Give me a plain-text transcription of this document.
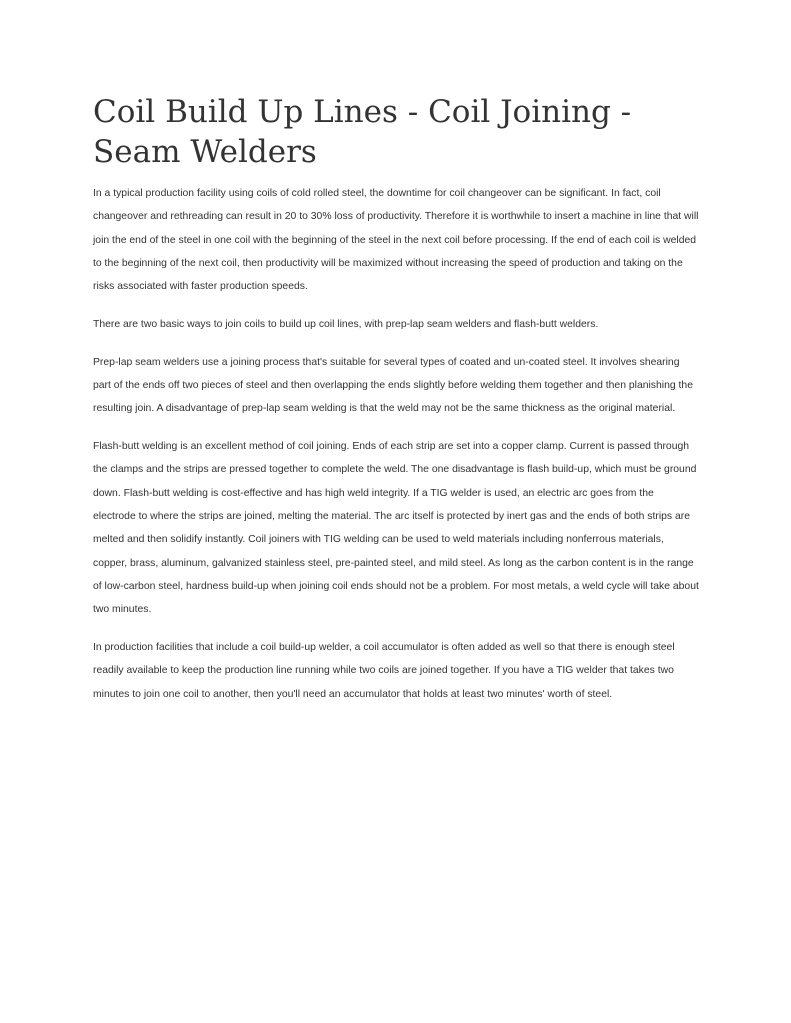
Coil Build Up Lines - Coil Joining - Seam Welders

In a typical production facility using coils of cold rolled steel, the downtime for coil changeover can be significant. In fact, coil changeover and rethreading can result in 20 to 30% loss of productivity. Therefore it is worthwhile to insert a machine in line that will join the end of the steel in one coil with the beginning of the steel in the next coil before processing. If the end of each coil is welded to the beginning of the next coil, then productivity will be maximized without increasing the speed of production and taking on the risks associated with faster production speeds.

There are two basic ways to join coils to build up coil lines, with prep-lap seam welders and flash-butt welders.

Prep-lap seam welders use a joining process that's suitable for several types of coated and un-coated steel. It involves shearing part of the ends off two pieces of steel and then overlapping the ends slightly before welding them together and then planishing the resulting join. A disadvantage of prep-lap seam welding is that the weld may not be the same thickness as the original material.

Flash-butt welding is an excellent method of coil joining. Ends of each strip are set into a copper clamp. Current is passed through the clamps and the strips are pressed together to complete the weld. The one disadvantage is flash build-up, which must be ground down. Flash-butt welding is cost-effective and has high weld integrity. If a TIG welder is used, an electric arc goes from the electrode to where the strips are joined, melting the material. The arc itself is protected by inert gas and the ends of both strips are melted and then solidify instantly. Coil joiners with TIG welding can be used to weld materials including nonferrous materials, copper, brass, aluminum, galvanized stainless steel, pre-painted steel, and mild steel. As long as the carbon content is in the range of low-carbon steel, hardness build-up when joining coil ends should not be a problem. For most metals, a weld cycle will take about two minutes.

In production facilities that include a coil build-up welder, a coil accumulator is often added as well so that there is enough steel readily available to keep the production line running while two coils are joined together. If you have a TIG welder that takes two minutes to join one coil to another, then you'll need an accumulator that holds at least two minutes' worth of steel.
